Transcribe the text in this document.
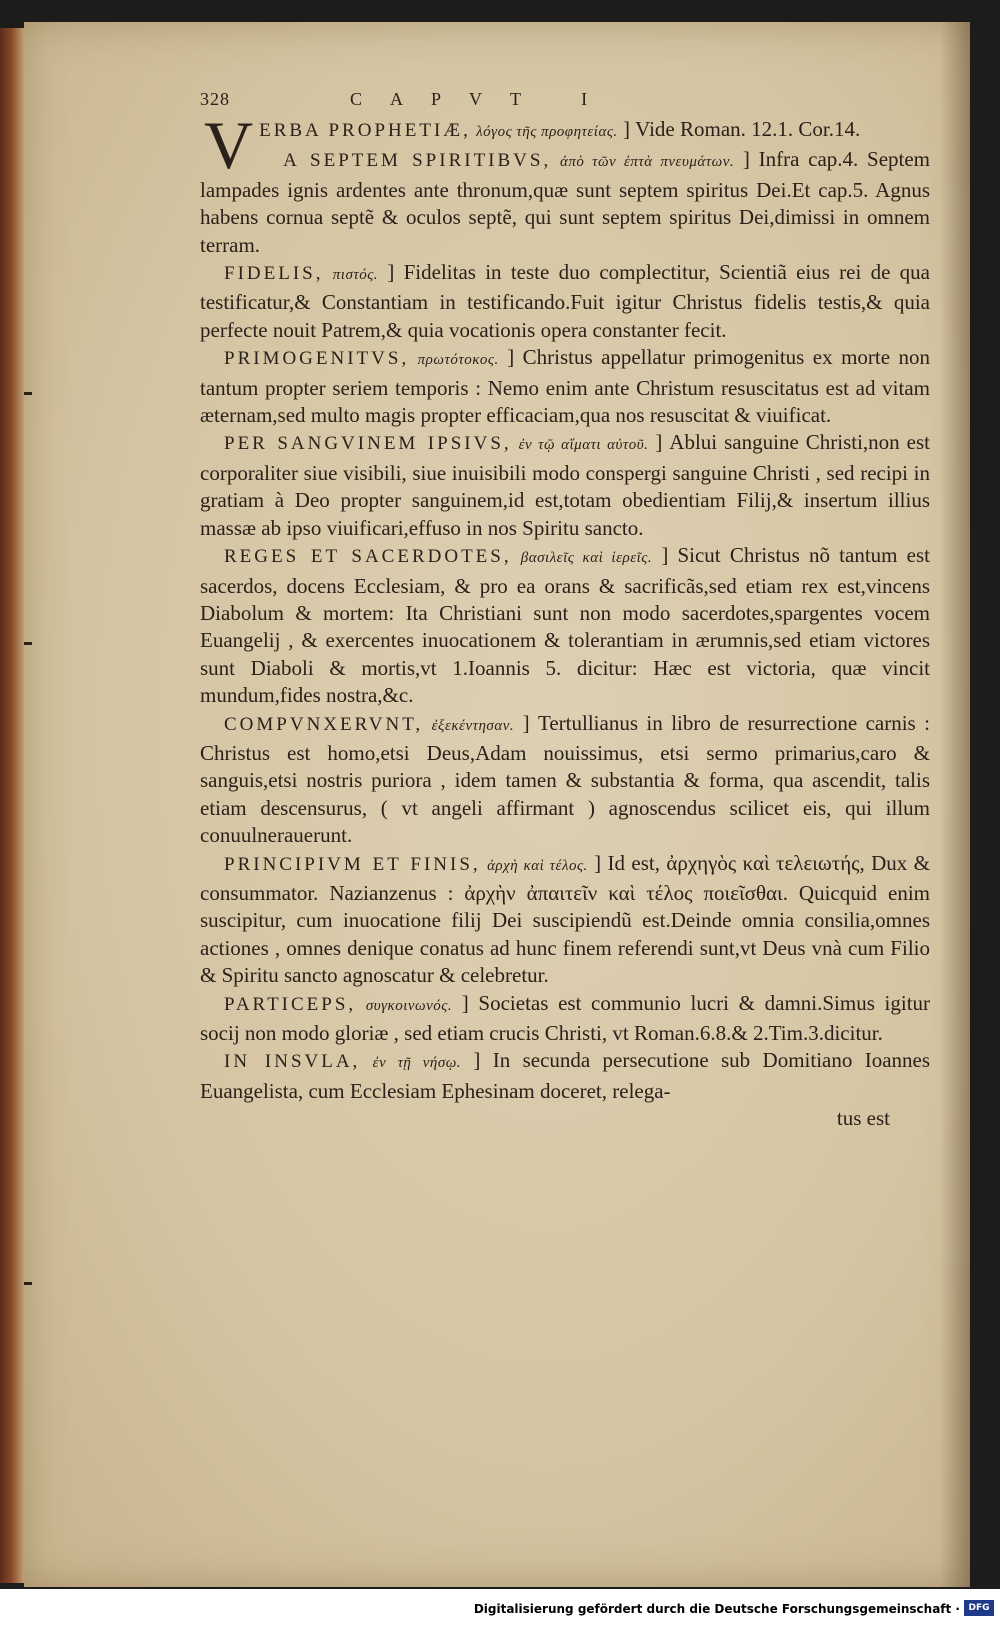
328	CAPVT I

VERBA PROPHETIÆ, λόγος τῆς προφητείας. ] Vide Roman. 12.1. Cor.14.

A SEPTEM SPIRITIBVS, ἀπὸ τῶν ἑπτὰ πνευμάτων. ] Infra cap.4. Septem lampades ignis ardentes ante thronum,quæ sunt septem spiritus Dei.Et cap.5. Agnus habens cornua septẽ & oculos septẽ, qui sunt septem spiritus Dei,dimissi in omnem terram.

FIDELIS, πιστός. ] Fidelitas in teste duo complectitur, Scientiã eius rei de qua testificatur,& Constantiam in testificando.Fuit igitur Christus fidelis testis,& quia perfecte nouit Patrem,& quia vocationis opera constanter fecit.

PRIMOGENITVS, πρωτότοκος. ] Christus appellatur primogenitus ex morte non tantum propter seriem temporis : Nemo enim ante Christum resuscitatus est ad vitam æternam,sed multo magis propter efficaciam,qua nos resuscitat & viuificat.

PER SANGVINEM IPSIVS, ἐν τῷ αἵματι αὐτοῦ. ] Ablui sanguine Christi,non est corporaliter siue visibili, siue inuisibili modo conspergi sanguine Christi , sed recipi in gratiam à Deo propter sanguinem,id est,totam obedientiam Filij,& insertum illius massæ ab ipso viuificari,effuso in nos Spiritu sancto.

REGES ET SACERDOTES, βασιλεῖς καὶ ἱερεῖς. ] Sicut Christus nõ tantum est sacerdos, docens Ecclesiam, & pro ea orans & sacrificãs,sed etiam rex est,vincens Diabolum & mortem: Ita Christiani sunt non modo sacerdotes,spargentes vocem Euangelij , & exercentes inuocationem & tolerantiam in ærumnis,sed etiam victores sunt Diaboli & mortis,vt 1.Ioannis 5. dicitur: Hæc est victoria, quæ vincit mundum,fides nostra,&c.

COMPVNXERVNT, ἐξεκέντησαν. ] Tertullianus in libro de resurrectione carnis : Christus est homo,etsi Deus,Adam nouissimus, etsi sermo primarius,caro & sanguis,etsi nostris puriora , idem tamen & substantia & forma, qua ascendit, talis etiam descensurus, ( vt angeli affirmant ) agnoscendus scilicet eis, qui illum conuulnerauerunt.

PRINCIPIVM ET FINIS, ἀρχὴ καὶ τέλος. ] Id est, ἀρχηγὸς καὶ τελειωτής, Dux & consummator. Nazianzenus : ἀρχὴν ἀπαιτεῖν καὶ τέλος ποιεῖσθαι. Quicquid enim suscipitur, cum inuocatione filij Dei suscipiendũ est.Deinde omnia consilia,omnes actiones , omnes denique conatus ad hunc finem referendi sunt,vt Deus vnà cum Filio & Spiritu sancto agnoscatur & celebretur.

PARTICEPS, συγκοινωνός. ] Societas est communio lucri & damni.Simus igitur socij non modo gloriæ , sed etiam crucis Christi, vt Roman.6.8.& 2.Tim.3.dicitur.

IN INSVLA, ἐν τῇ νήσῳ. ] In secunda persecutione sub Domitiano Ioannes Euangelista, cum Ecclesiam Ephesinam doceret, relega-

tus est

Digitalisierung gefördert durch die Deutsche Forschungsgemeinschaft · DFG
